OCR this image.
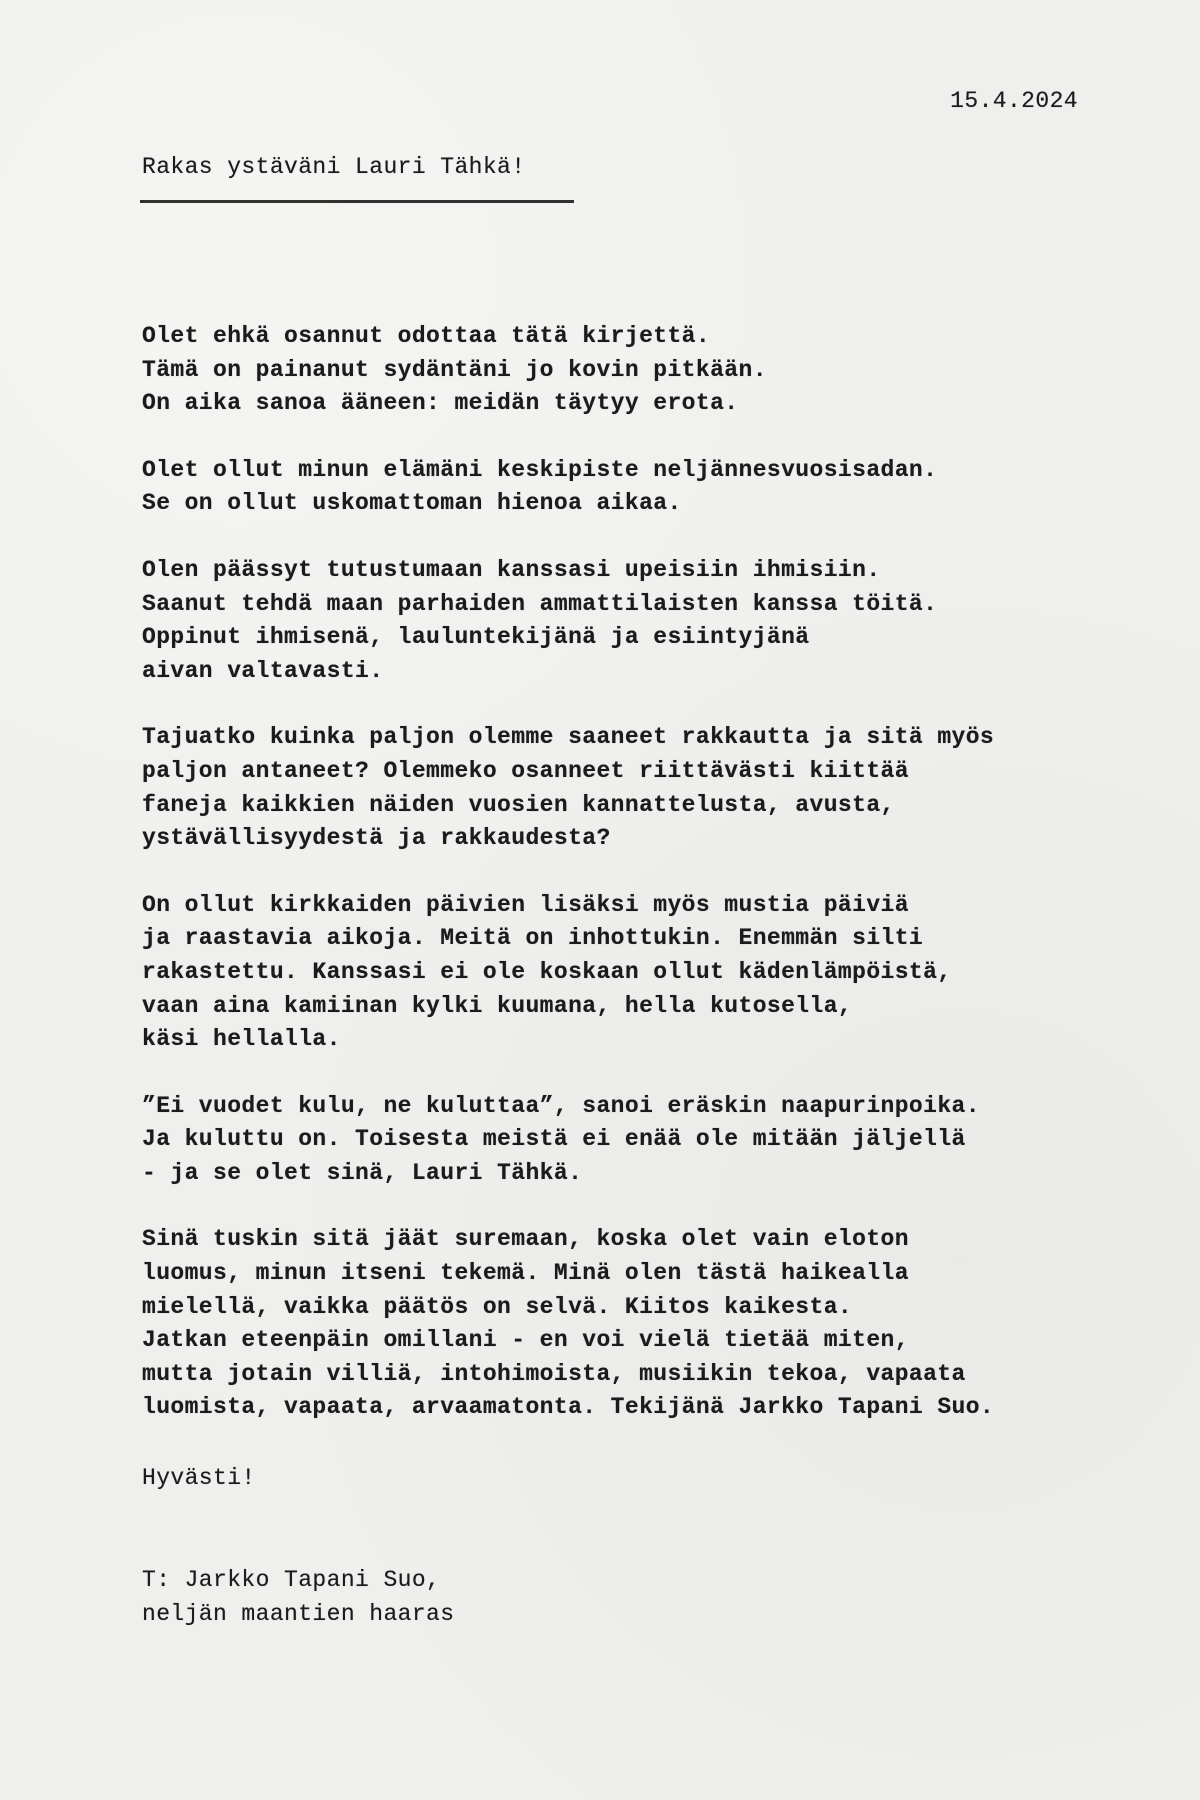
15.4.2024
Rakas ystäväni Lauri Tähkä!
Olet ehkä osannut odottaa tätä kirjettä.
Tämä on painanut sydäntäni jo kovin pitkään.
On aika sanoa ääneen: meidän täytyy erota.
Olet ollut minun elämäni keskipiste neljännesvuosisadan.
Se on ollut uskomattoman hienoa aikaa.
Olen päässyt tutustumaan kanssasi upeisiin ihmisiin.
Saanut tehdä maan parhaiden ammattilaisten kanssa töitä.
Oppinut ihmisenä, lauluntekijänä ja esiintyjänä
aivan valtavasti.
Tajuatko kuinka paljon olemme saaneet rakkautta ja sitä myös
paljon antaneet? Olemmeko osanneet riittävästi kiittää
faneja kaikkien näiden vuosien kannattelusta, avusta,
ystävällisyydestä ja rakkaudesta?
On ollut kirkkaiden päivien lisäksi myös mustia päiviä
ja raastavia aikoja. Meitä on inhottukin. Enemmän silti
rakastettu. Kanssasi ei ole koskaan ollut kädenlämpöistä,
vaan aina kamiinan kylki kuumana, hella kutosella,
käsi hellalla.
”Ei vuodet kulu, ne kuluttaa”, sanoi eräskin naapurinpoika.
Ja kuluttu on. Toisesta meistä ei enää ole mitään jäljellä
- ja se olet sinä, Lauri Tähkä.
Sinä tuskin sitä jäät suremaan, koska olet vain eloton
luomus, minun itseni tekemä. Minä olen tästä haikealla
mielellä, vaikka päätös on selvä. Kiitos kaikesta.
Jatkan eteenpäin omillani - en voi vielä tietää miten,
mutta jotain villiä, intohimoista, musiikin tekoa, vapaata
luomista, vapaata, arvaamatonta. Tekijänä Jarkko Tapani Suo.
Hyvästi!
T: Jarkko Tapani Suo,
neljän maantien haaras
